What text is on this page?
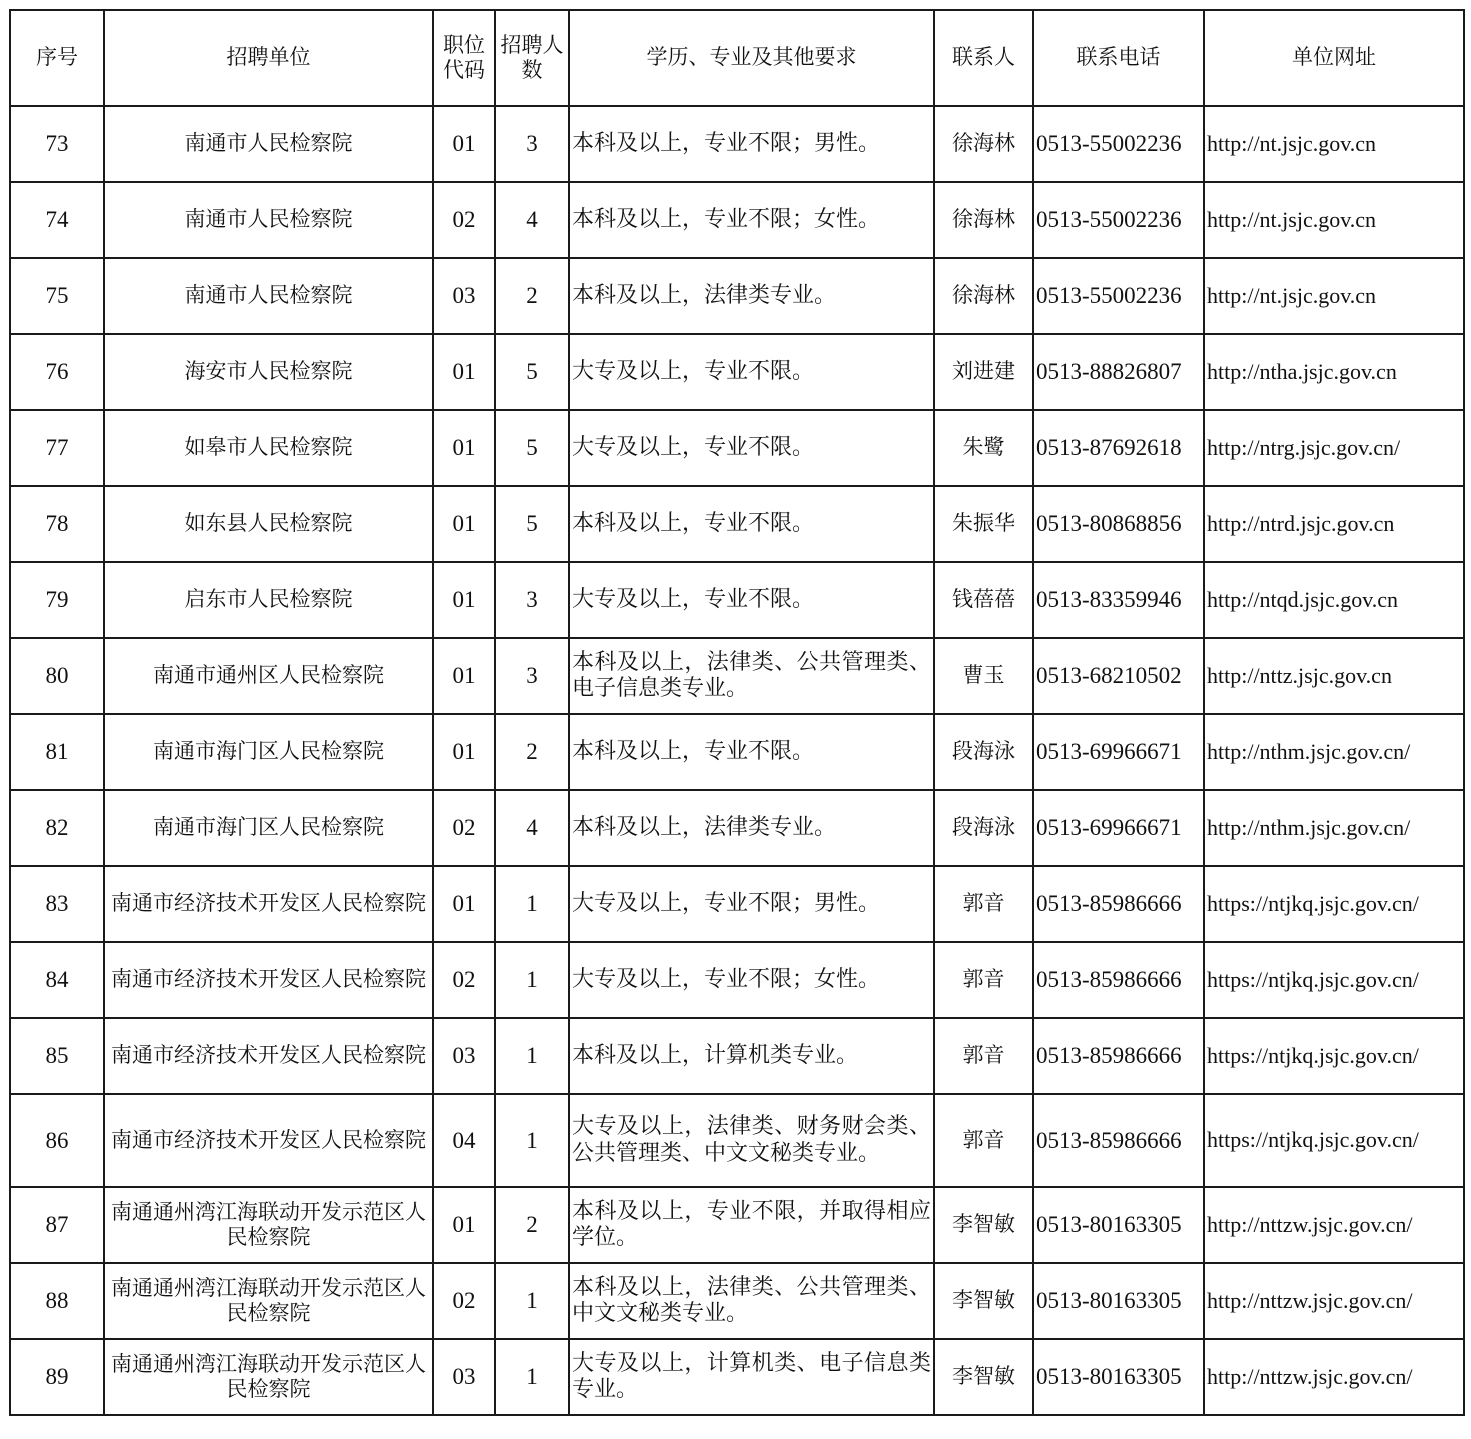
序号	招聘单位	职位代码	招聘人数	学历、专业及其他要求	联系人	联系电话	单位网址
73	南通市人民检察院	01	3	本科及以上，专业不限；男性。	徐海林	0513-55002236	http://nt.jsjc.gov.cn
74	南通市人民检察院	02	4	本科及以上，专业不限；女性。	徐海林	0513-55002236	http://nt.jsjc.gov.cn
75	南通市人民检察院	03	2	本科及以上，法律类专业。	徐海林	0513-55002236	http://nt.jsjc.gov.cn
76	海安市人民检察院	01	5	大专及以上，专业不限。	刘进建	0513-88826807	http://ntha.jsjc.gov.cn
77	如皋市人民检察院	01	5	大专及以上，专业不限。	朱鹭	0513-87692618	http://ntrg.jsjc.gov.cn/
78	如东县人民检察院	01	5	本科及以上，专业不限。	朱振华	0513-80868856	http://ntrd.jsjc.gov.cn
79	启东市人民检察院	01	3	大专及以上，专业不限。	钱蓓蓓	0513-83359946	http://ntqd.jsjc.gov.cn
80	南通市通州区人民检察院	01	3	本科及以上，法律类、公共管理类、电子信息类专业。	曹玉	0513-68210502	http://nttz.jsjc.gov.cn
81	南通市海门区人民检察院	01	2	本科及以上，专业不限。	段海泳	0513-69966671	http://nthm.jsjc.gov.cn/
82	南通市海门区人民检察院	02	4	本科及以上，法律类专业。	段海泳	0513-69966671	http://nthm.jsjc.gov.cn/
83	南通市经济技术开发区人民检察院	01	1	大专及以上，专业不限；男性。	郭音	0513-85986666	https://ntjkq.jsjc.gov.cn/
84	南通市经济技术开发区人民检察院	02	1	大专及以上，专业不限；女性。	郭音	0513-85986666	https://ntjkq.jsjc.gov.cn/
85	南通市经济技术开发区人民检察院	03	1	本科及以上，计算机类专业。	郭音	0513-85986666	https://ntjkq.jsjc.gov.cn/
86	南通市经济技术开发区人民检察院	04	1	大专及以上，法律类、财务财会类、公共管理类、中文文秘类专业。	郭音	0513-85986666	https://ntjkq.jsjc.gov.cn/
87	南通通州湾江海联动开发示范区人民检察院	01	2	本科及以上，专业不限，并取得相应学位。	李智敏	0513-80163305	http://nttzw.jsjc.gov.cn/
88	南通通州湾江海联动开发示范区人民检察院	02	1	本科及以上，法律类、公共管理类、中文文秘类专业。	李智敏	0513-80163305	http://nttzw.jsjc.gov.cn/
89	南通通州湾江海联动开发示范区人民检察院	03	1	大专及以上，计算机类、电子信息类专业。	李智敏	0513-80163305	http://nttzw.jsjc.gov.cn/
